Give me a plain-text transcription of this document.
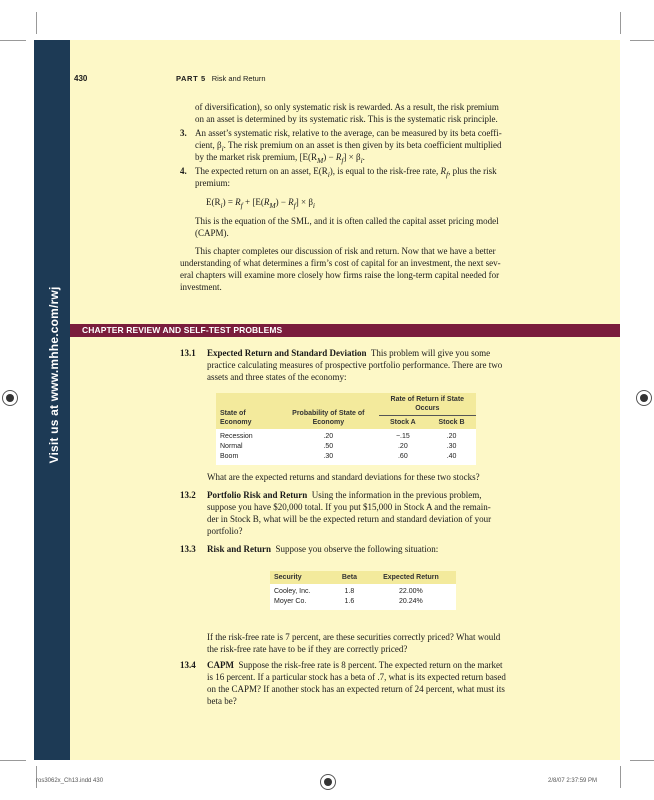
Visit us at www.mhhe.com/rwj
430	PART 5 Risk and Return
of diversification), so only systematic risk is rewarded. As a result, the risk premium
on an asset is determined by its systematic risk. This is the systematic risk principle.
3. An asset’s systematic risk, relative to the average, can be measured by its beta coeffi-
cient, $\beta_i$. The risk premium on an asset is then given by its beta coefficient multiplied
by the market risk premium, $[E(R_M) - R_f] \times \beta_i$.
4. The expected return on an asset, $E(R_i)$, is equal to the risk-free rate, $R_f$, plus the risk
premium:
$E(R_i) = R_f + [E(R_M) - R_f] \times \beta_i$
This is the equation of the SML, and it is often called the capital asset pricing model
(CAPM).
This chapter completes our discussion of risk and return. Now that we have a better
understanding of what determines a firm’s cost of capital for an investment, the next sev-
eral chapters will examine more closely how firms raise the long-term capital needed for
investment.
CHAPTER REVIEW AND SELF-TEST PROBLEMS
13.1 Expected Return and Standard Deviation This problem will give you some
practice calculating measures of prospective portfolio performance. There are two
assets and three states of the economy:
State of Economy	Probability of State of Economy	Rate of Return if State Occurs	
		Stock A	Stock B

Recession	.20	−.15	.20
Normal	.50	.20	.30
Boom	.30	.60	.40

What are the expected returns and standard deviations for these two stocks?
13.2 Portfolio Risk and Return Using the information in the previous problem,
suppose you have $20,000 total. If you put $15,000 in Stock A and the remain-
der in Stock B, what will be the expected return and standard deviation of your
portfolio?
13.3 Risk and Return Suppose you observe the following situation:
Security	Beta	Expected Return

Cooley, Inc.	1.8	22.00%
Moyer Co.	1.6	20.24%

If the risk-free rate is 7 percent, are these securities correctly priced? What would
the risk-free rate have to be if they are correctly priced?
13.4 CAPM Suppose the risk-free rate is 8 percent. The expected return on the market
is 16 percent. If a particular stock has a beta of .7, what is its expected return based
on the CAPM? If another stock has an expected return of 24 percent, what must its
beta be?
ros3062x_Ch13.indd 430	2/8/07 2:37:59 PM
